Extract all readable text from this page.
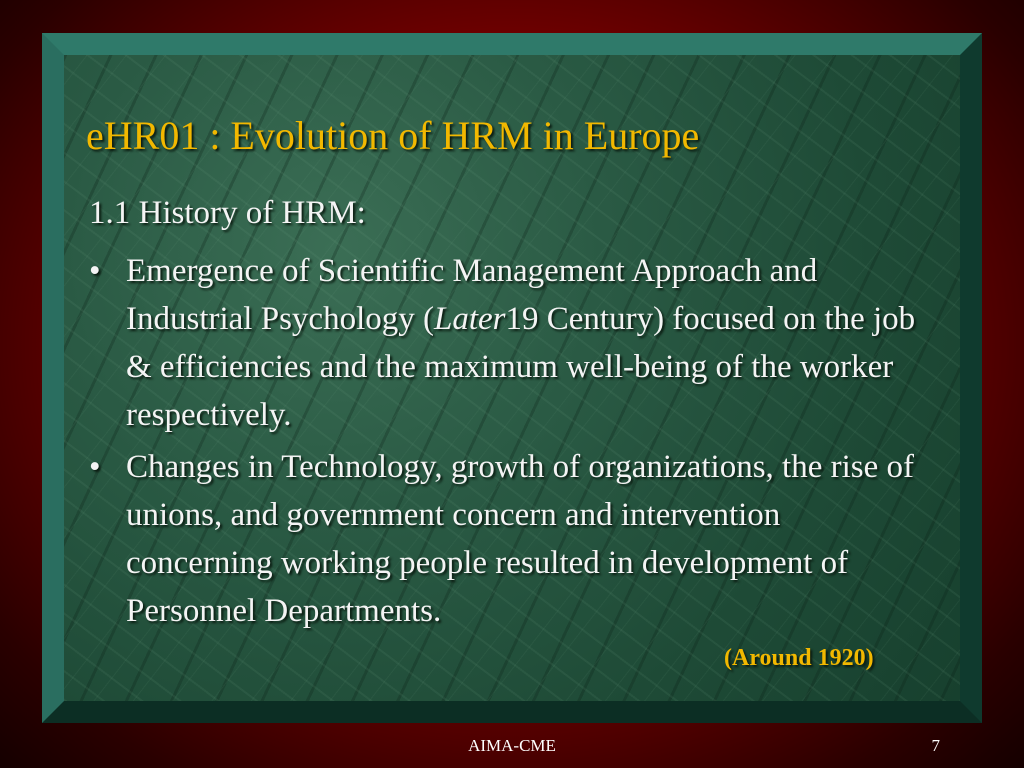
eHR01 : Evolution of HRM in Europe

1.1 History of HRM:

• Emergence of Scientific Management Approach and Industrial Psychology (Later19 Century) focused on the job & efficiencies and the maximum well-being of the worker respectively.

• Changes in Technology, growth of organizations, the rise of unions, and government concern and intervention concerning working people resulted in development of Personnel Departments.

(Around 1920)
AIMA-CME	7
